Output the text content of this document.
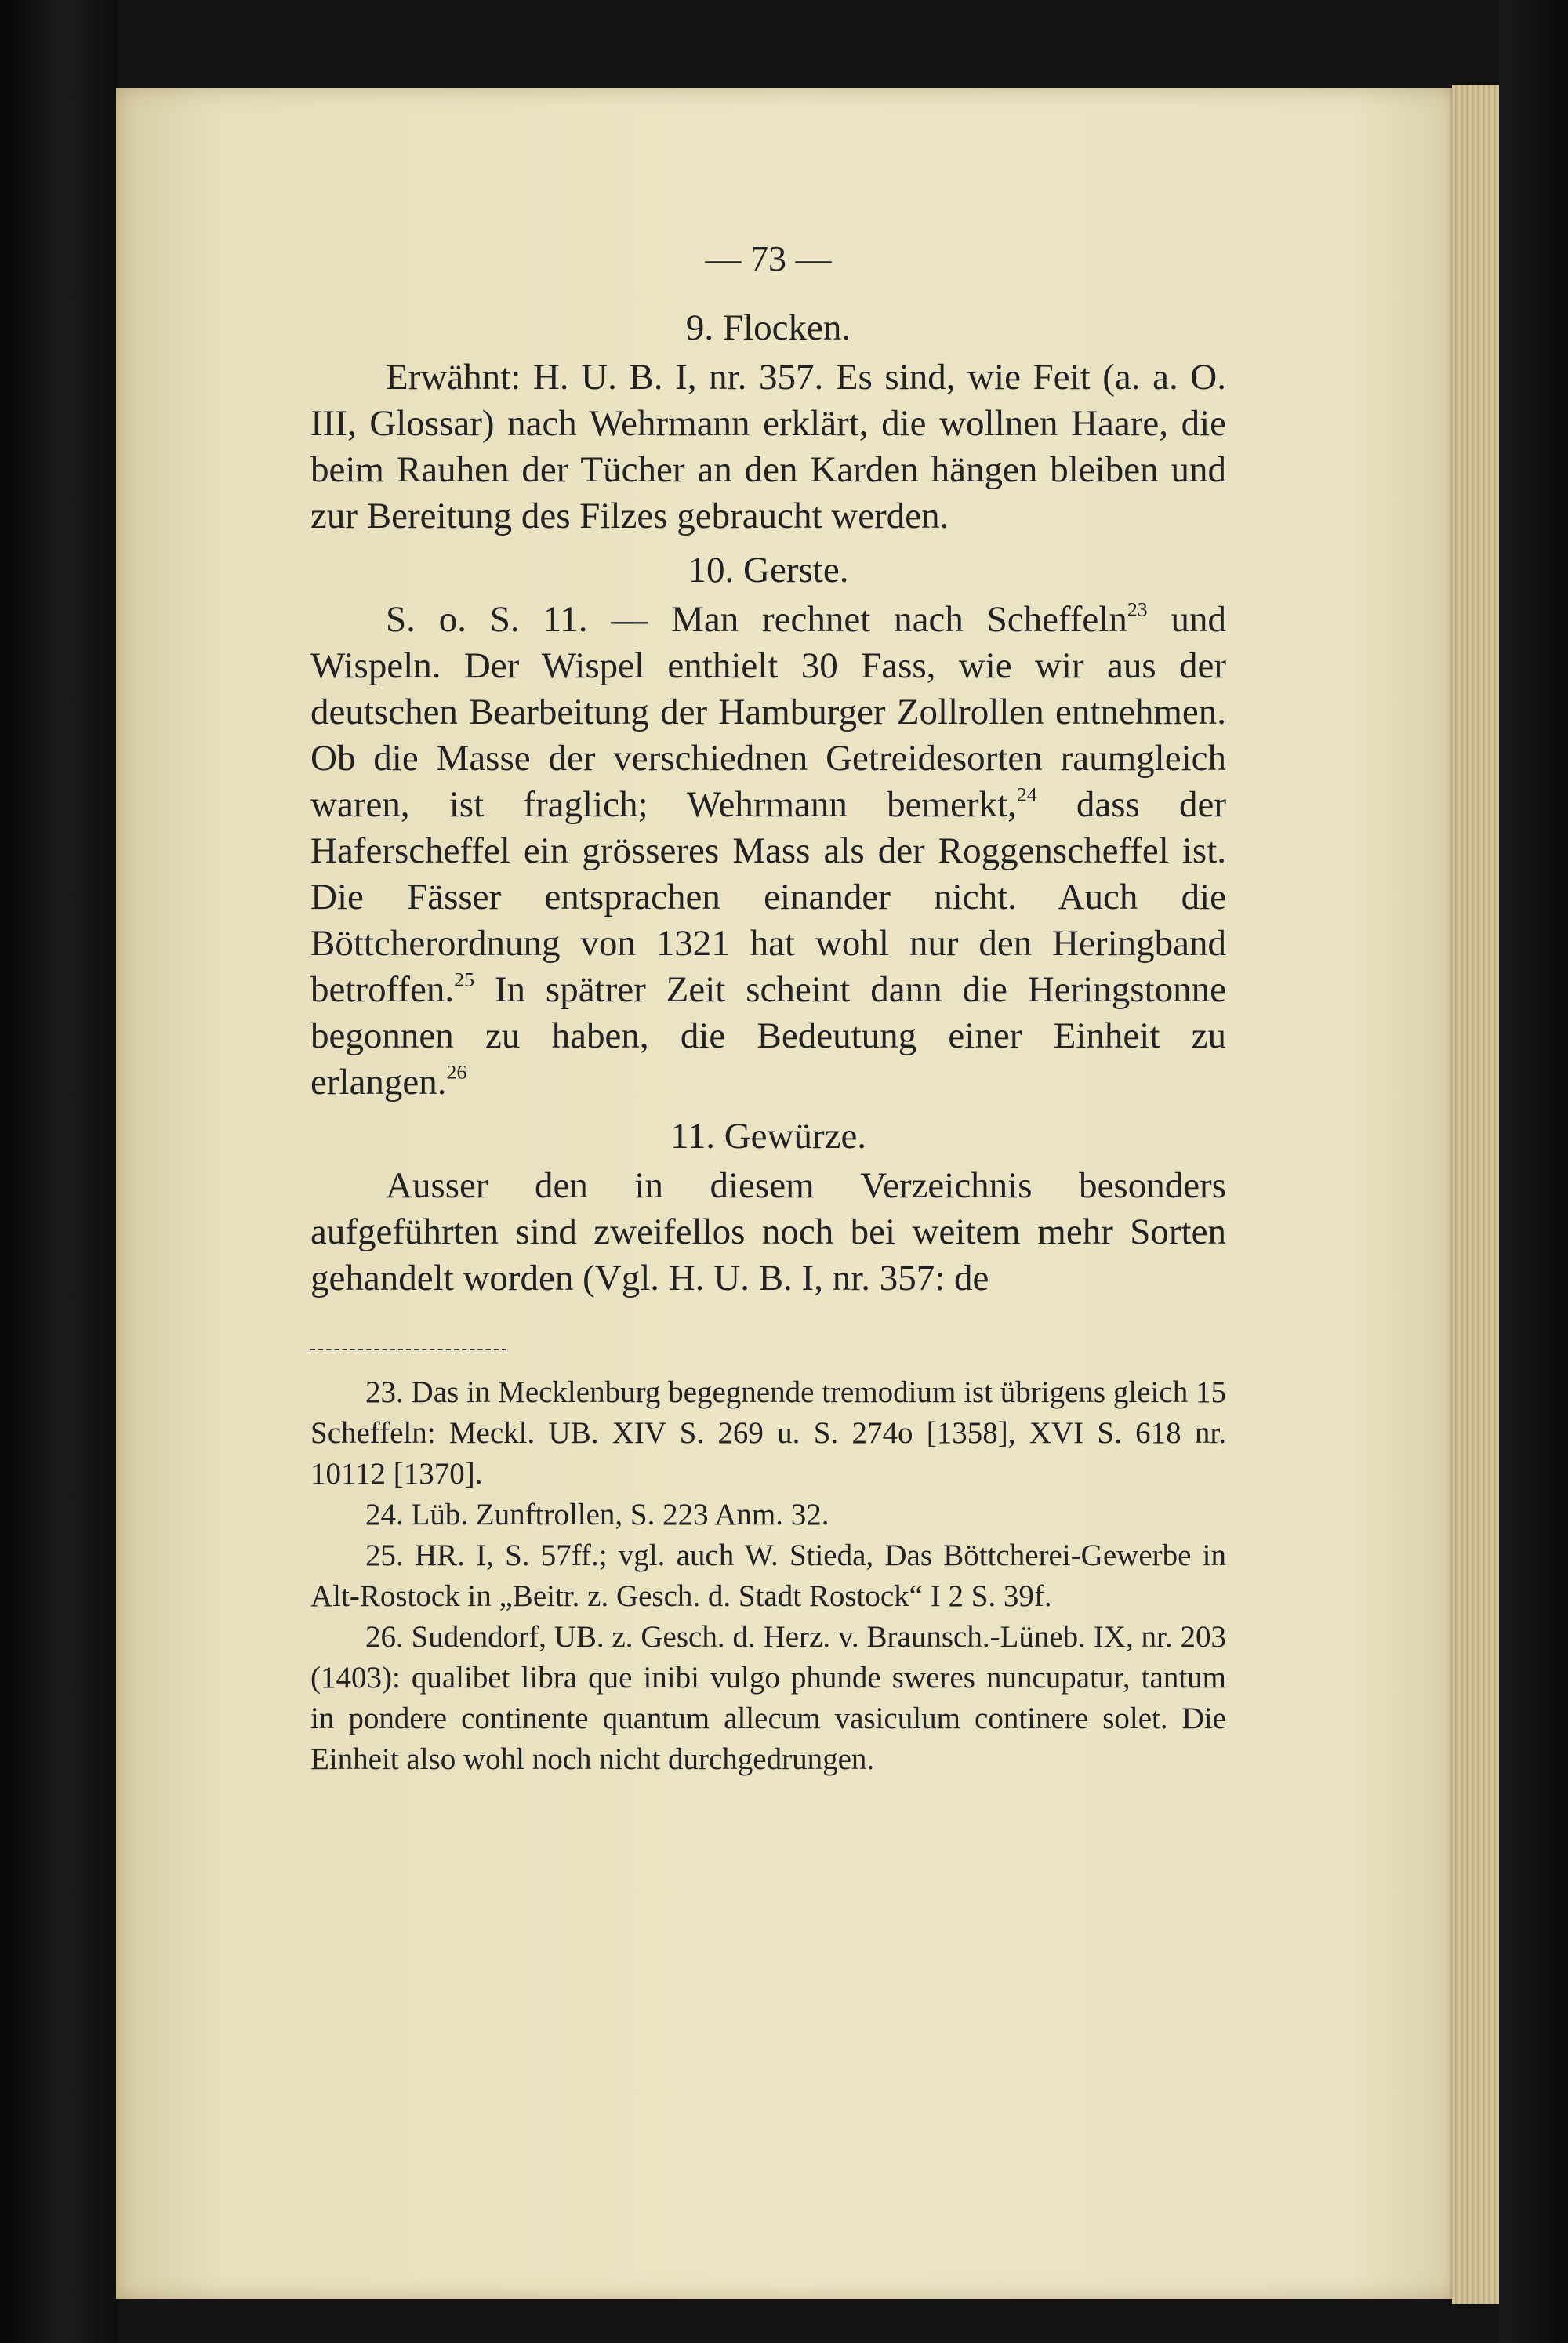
— 73 —
9. Flocken.

Erwähnt: H. U. B. I, nr. 357. Es sind, wie Feit (a. a. O. III, Glossar) nach Wehrmann erklärt, die wollnen Haare, die beim Rauhen der Tücher an den Karden hängen bleiben und zur Bereitung des Filzes gebraucht werden.

10. Gerste.

S. o. S. 11. — Man rechnet nach Scheffeln$^{23}$ und Wispeln. Der Wispel enthielt 30 Fass, wie wir aus der deutschen Bearbeitung der Hamburger Zollrollen entnehmen. Ob die Masse der verschiednen Getreidesorten raumgleich waren, ist fraglich; Wehrmann bemerkt,$^{24}$ dass der Haferscheffel ein grösseres Mass als der Roggenscheffel ist. Die Fässer entsprachen einander nicht. Auch die Böttcherordnung von 1321 hat wohl nur den Heringband betroffen.$^{25}$ In spätrer Zeit scheint dann die Heringstonne begonnen zu haben, die Bedeutung einer Einheit zu erlangen.$^{26}$

11. Gewürze.

Ausser den in diesem Verzeichnis besonders aufgeführten sind zweifellos noch bei weitem mehr Sorten gehandelt worden (Vgl. H. U. B. I, nr. 357: de

23. Das in Mecklenburg begegnende tremodium ist übrigens gleich 15 Scheffeln: Meckl. UB. XIV S. 269 u. S. 274o [1358], XVI S. 618 nr. 10112 [1370].

24. Lüb. Zunftrollen, S. 223 Anm. 32.

25. HR. I, S. 57ff.; vgl. auch W. Stieda, Das Böttcherei-Gewerbe in Alt-Rostock in „Beitr. z. Gesch. d. Stadt Rostock“ I 2 S. 39f.

26. Sudendorf, UB. z. Gesch. d. Herz. v. Braunsch.-Lüneb. IX, nr. 203 (1403): qualibet libra que inibi vulgo phunde sweres nuncupatur, tantum in pondere continente quantum allecum vasiculum continere solet. Die Einheit also wohl noch nicht durchgedrungen.
